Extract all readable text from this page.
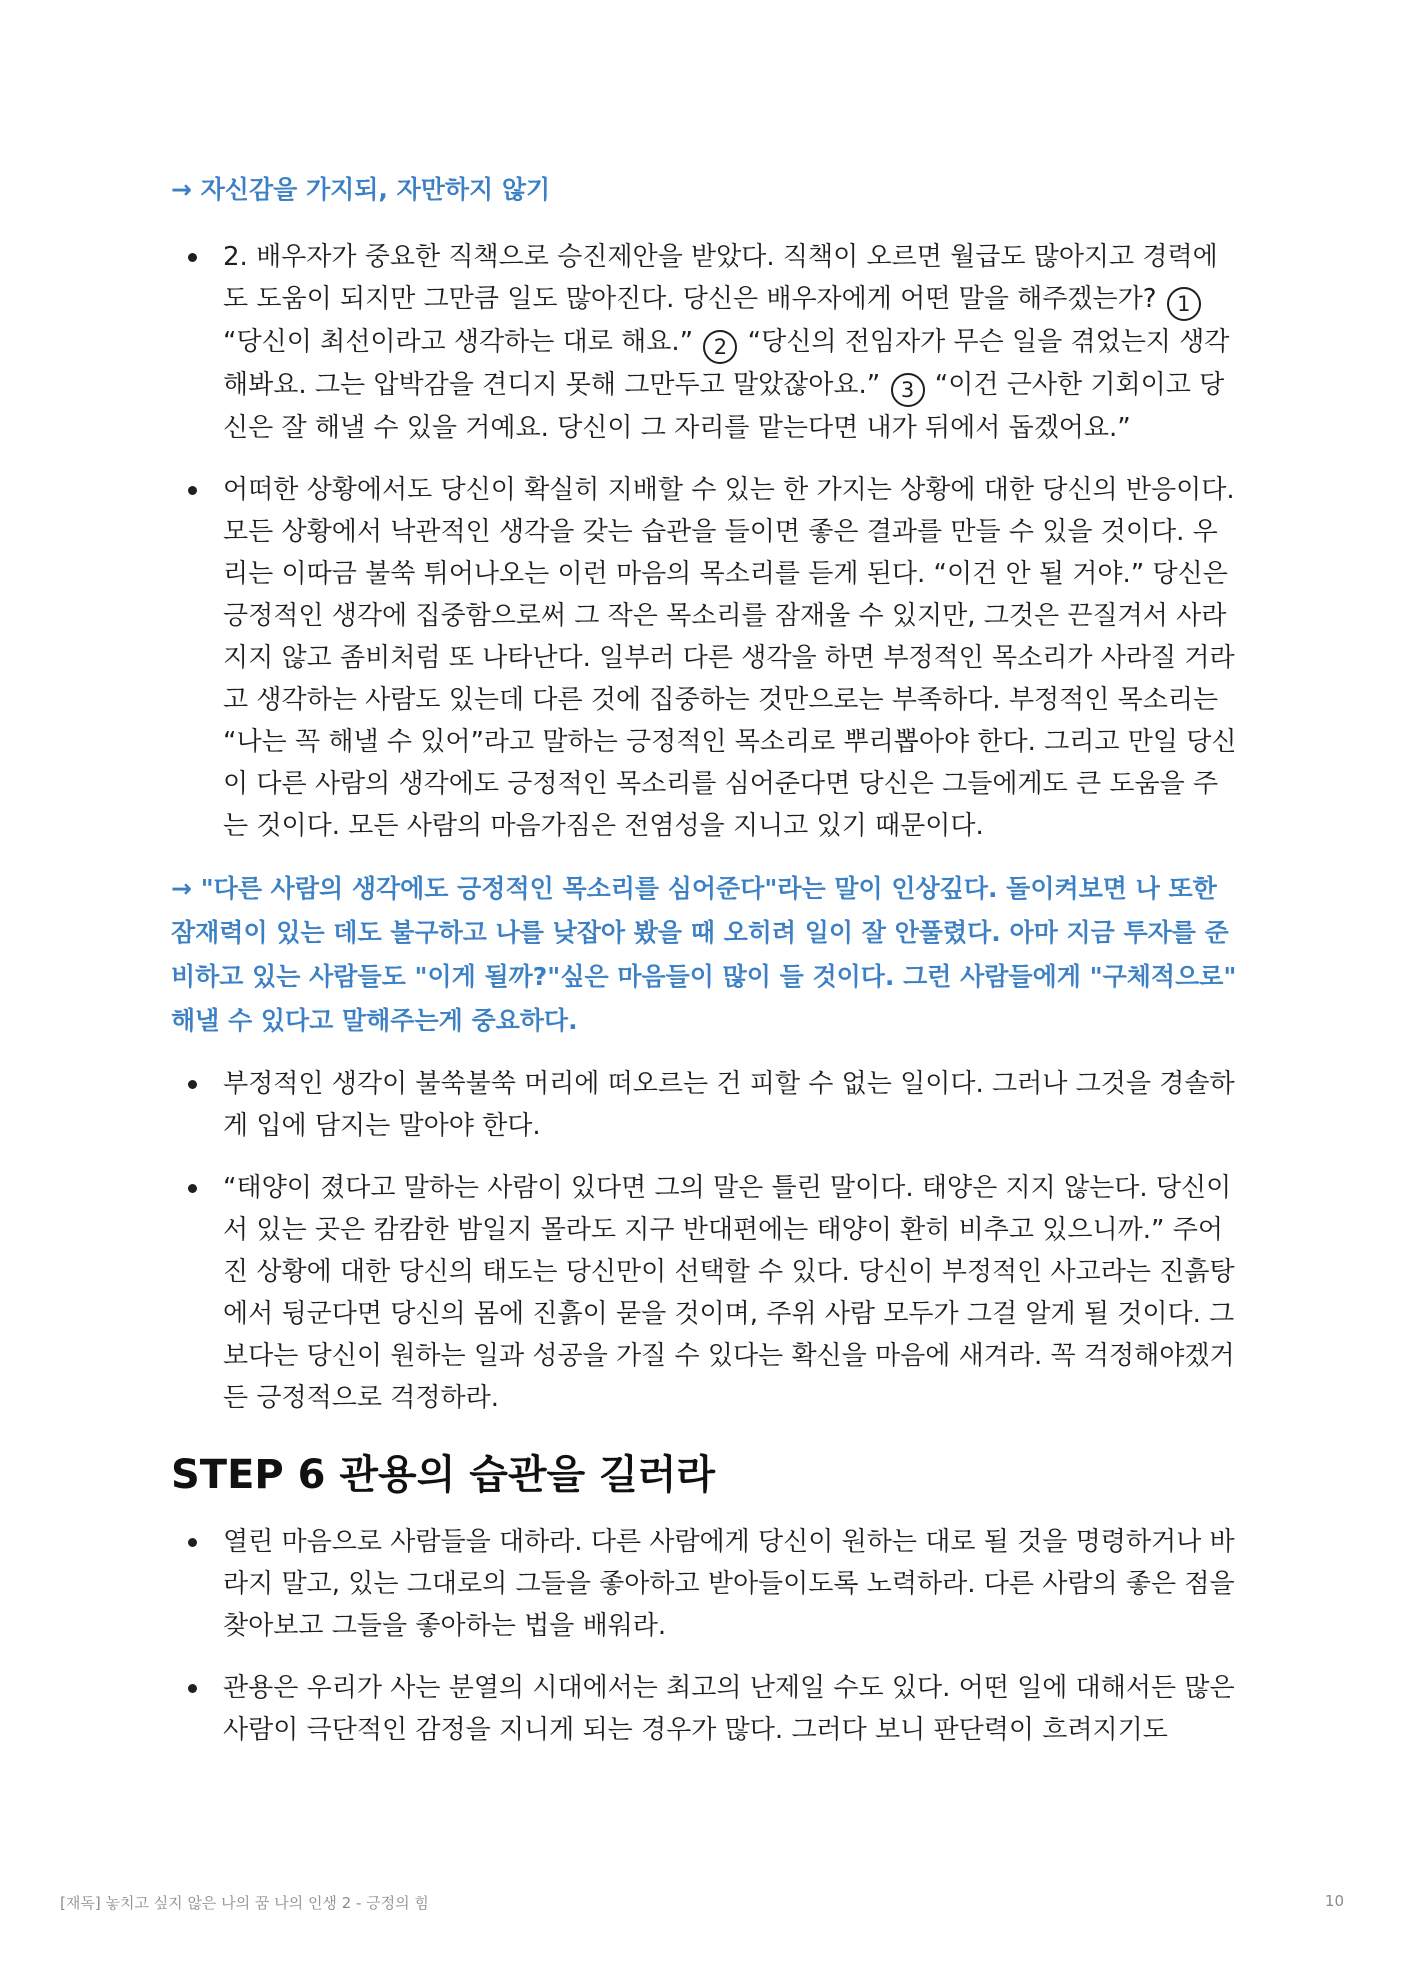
→ 자신감을 가지되, 자만하지 않기

2. 배우자가 중요한 직책으로 승진제안을 받았다. 직책이 오르면 월급도 많아지고 경력에도 도움이 되지만 그만큼 일도 많아진다. 당신은 배우자에게 어떤 말을 해주겠는가? 1 “당신이 최선이라고 생각하는 대로 해요.” 2 “당신의 전임자가 무슨 일을 겪었는지 생각해봐요. 그는 압박감을 견디지 못해 그만두고 말았잖아요.” 3 “이건 근사한 기회이고 당신은 잘 해낼 수 있을 거예요. 당신이 그 자리를 맡는다면 내가 뒤에서 돕겠어요.”
어떠한 상황에서도 당신이 확실히 지배할 수 있는 한 가지는 상황에 대한 당신의 반응이다. 모든 상황에서 낙관적인 생각을 갖는 습관을 들이면 좋은 결과를 만들 수 있을 것이다. 우리는 이따금 불쑥 튀어나오는 이런 마음의 목소리를 듣게 된다. “이건 안 될 거야.” 당신은 긍정적인 생각에 집중함으로써 그 작은 목소리를 잠재울 수 있지만, 그것은 끈질겨서 사라지지 않고 좀비처럼 또 나타난다. 일부러 다른 생각을 하면 부정적인 목소리가 사라질 거라고 생각하는 사람도 있는데 다른 것에 집중하는 것만으로는 부족하다. 부정적인 목소리는 “나는 꼭 해낼 수 있어”라고 말하는 긍정적인 목소리로 뿌리뽑아야 한다. 그리고 만일 당신이 다른 사람의 생각에도 긍정적인 목소리를 심어준다면 당신은 그들에게도 큰 도움을 주는 것이다. 모든 사람의 마음가짐은 전염성을 지니고 있기 때문이다.

→ "다른 사람의 생각에도 긍정적인 목소리를 심어준다"라는 말이 인상깊다. 돌이켜보면 나 또한 잠재력이 있는 데도 불구하고 나를 낮잡아 봤을 때 오히려 일이 잘 안풀렸다. 아마 지금 투자를 준비하고 있는 사람들도 "이게 될까?"싶은 마음들이 많이 들 것이다. 그런 사람들에게 "구체적으로" 해낼 수 있다고 말해주는게 중요하다.

부정적인 생각이 불쑥불쑥 머리에 떠오르는 건 피할 수 없는 일이다. 그러나 그것을 경솔하게 입에 담지는 말아야 한다.
“태양이 졌다고 말하는 사람이 있다면 그의 말은 틀린 말이다. 태양은 지지 않는다. 당신이 서 있는 곳은 캄캄한 밤일지 몰라도 지구 반대편에는 태양이 환히 비추고 있으니까.” 주어진 상황에 대한 당신의 태도는 당신만이 선택할 수 있다. 당신이 부정적인 사고라는 진흙탕에서 뒹군다면 당신의 몸에 진흙이 묻을 것이며, 주위 사람 모두가 그걸 알게 될 것이다. 그보다는 당신이 원하는 일과 성공을 가질 수 있다는 확신을 마음에 새겨라. 꼭 걱정해야겠거든 긍정적으로 걱정하라.
STEP 6 관용의 습관을 길러라
열린 마음으로 사람들을 대하라. 다른 사람에게 당신이 원하는 대로 될 것을 명령하거나 바라지 말고, 있는 그대로의 그들을 좋아하고 받아들이도록 노력하라. 다른 사람의 좋은 점을 찾아보고 그들을 좋아하는 법을 배워라.
관용은 우리가 사는 분열의 시대에서는 최고의 난제일 수도 있다. 어떤 일에 대해서든 많은 사람이 극단적인 감정을 지니게 되는 경우가 많다. 그러다 보니 판단력이 흐려지기도
[재독] 놓치고 싶지 않은 나의 꿈 나의 인생 2 - 긍정의 힘	10
